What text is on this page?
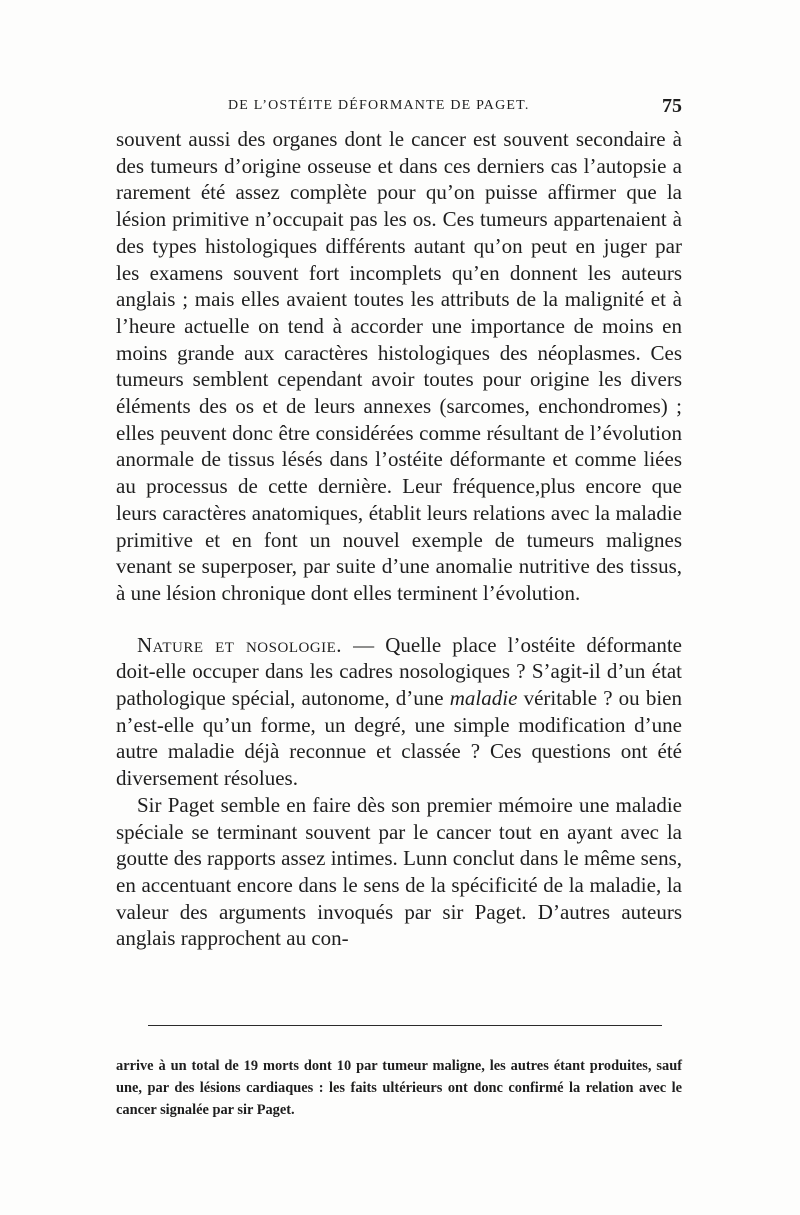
DE L’OSTÉITE DÉFORMANTE DE PAGET.	75

souvent aussi des organes dont le cancer est souvent secondaire à des tumeurs d’origine osseuse et dans ces derniers cas l’autopsie a rarement été assez complète pour qu’on puisse affirmer que la lésion primitive n’occupait pas les os. Ces tumeurs appartenaient à des types histologiques différents autant qu’on peut en juger par les examens souvent fort incomplets qu’en donnent les auteurs anglais ; mais elles avaient toutes les attributs de la malignité et à l’heure actuelle on tend à accorder une importance de moins en moins grande aux caractères histologiques des néoplasmes. Ces tumeurs semblent cependant avoir toutes pour origine les divers éléments des os et de leurs annexes (sarcomes, enchondromes) ; elles peuvent donc être considérées comme résultant de l’évolution anormale de tissus lésés dans l’ostéite déformante et comme liées au processus de cette dernière. Leur fréquence,plus encore que leurs caractères anatomiques, établit leurs relations avec la maladie primitive et en font un nouvel exemple de tumeurs malignes venant se superposer, par suite d’une anomalie nutritive des tissus, à une lésion chronique dont elles terminent l’évolution.

Nature et nosologie. — Quelle place l’ostéite déformante doit-elle occuper dans les cadres nosologiques ? S’agit-il d’un état pathologique spécial, autonome, d’une maladie véritable ? ou bien n’est-elle qu’un forme, un degré, une simple modification d’une autre maladie déjà reconnue et classée ? Ces questions ont été diversement résolues.

Sir Paget semble en faire dès son premier mémoire une maladie spéciale se terminant souvent par le cancer tout en ayant avec la goutte des rapports assez intimes. Lunn conclut dans le même sens, en accentuant encore dans le sens de la spécificité de la maladie, la valeur des arguments invoqués par sir Paget. D’autres auteurs anglais rapprochent au con-

arrive à un total de 19 morts dont 10 par tumeur maligne, les autres étant produites, sauf une, par des lésions cardiaques : les faits ultérieurs ont donc confirmé la relation avec le cancer signalée par sir Paget.
